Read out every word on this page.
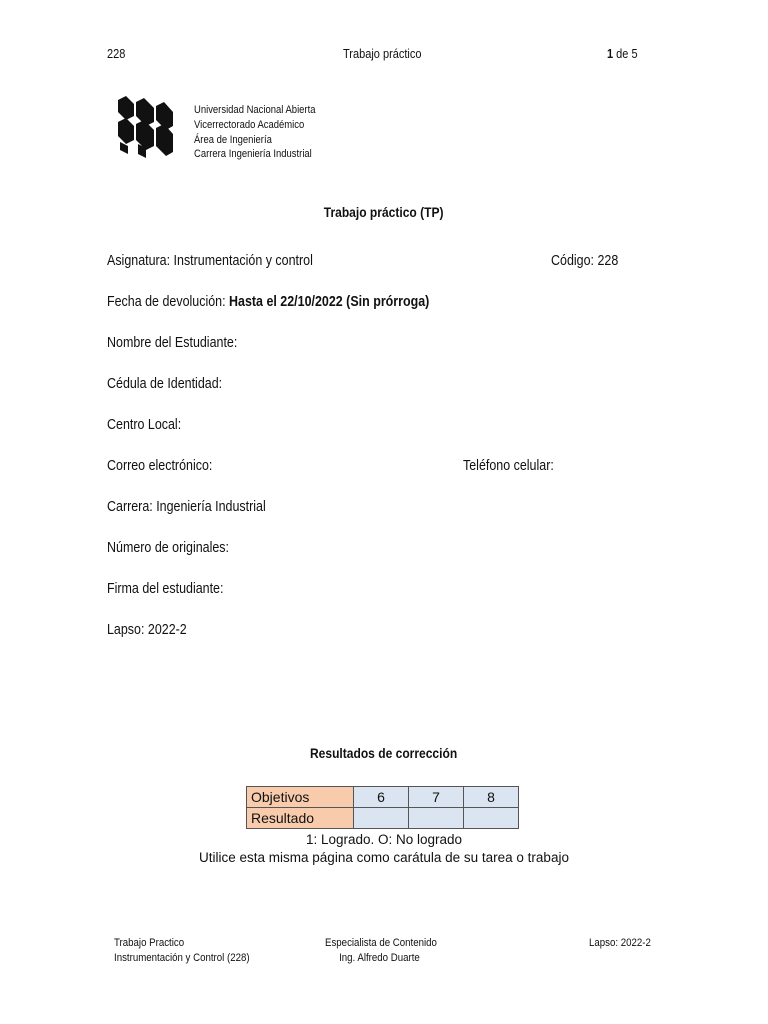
228	Trabajo práctico	1 de 5
Universidad Nacional Abierta
Vicerrectorado Académico
Área de Ingeniería
Carrera Ingeniería Industrial
Trabajo práctico (TP)
Asignatura: Instrumentación y control	Código: 228
Fecha de devolución: Hasta el 22/10/2022 (Sin prórroga)
Nombre del Estudiante:
Cédula de Identidad:
Centro Local:
Correo electrónico:	Teléfono celular:
Carrera: Ingeniería Industrial
Número de originales:
Firma del estudiante:
Lapso: 2022-2
Resultados de corrección
Objetivos	6	7	8
Resultado			
1: Logrado. O: No logrado
Utilice esta misma página como carátula de su tarea o trabajo
Trabajo Practico
Instrumentación y Control (228)
Especialista de Contenido
Ing. Alfredo Duarte
Lapso: 2022-2
